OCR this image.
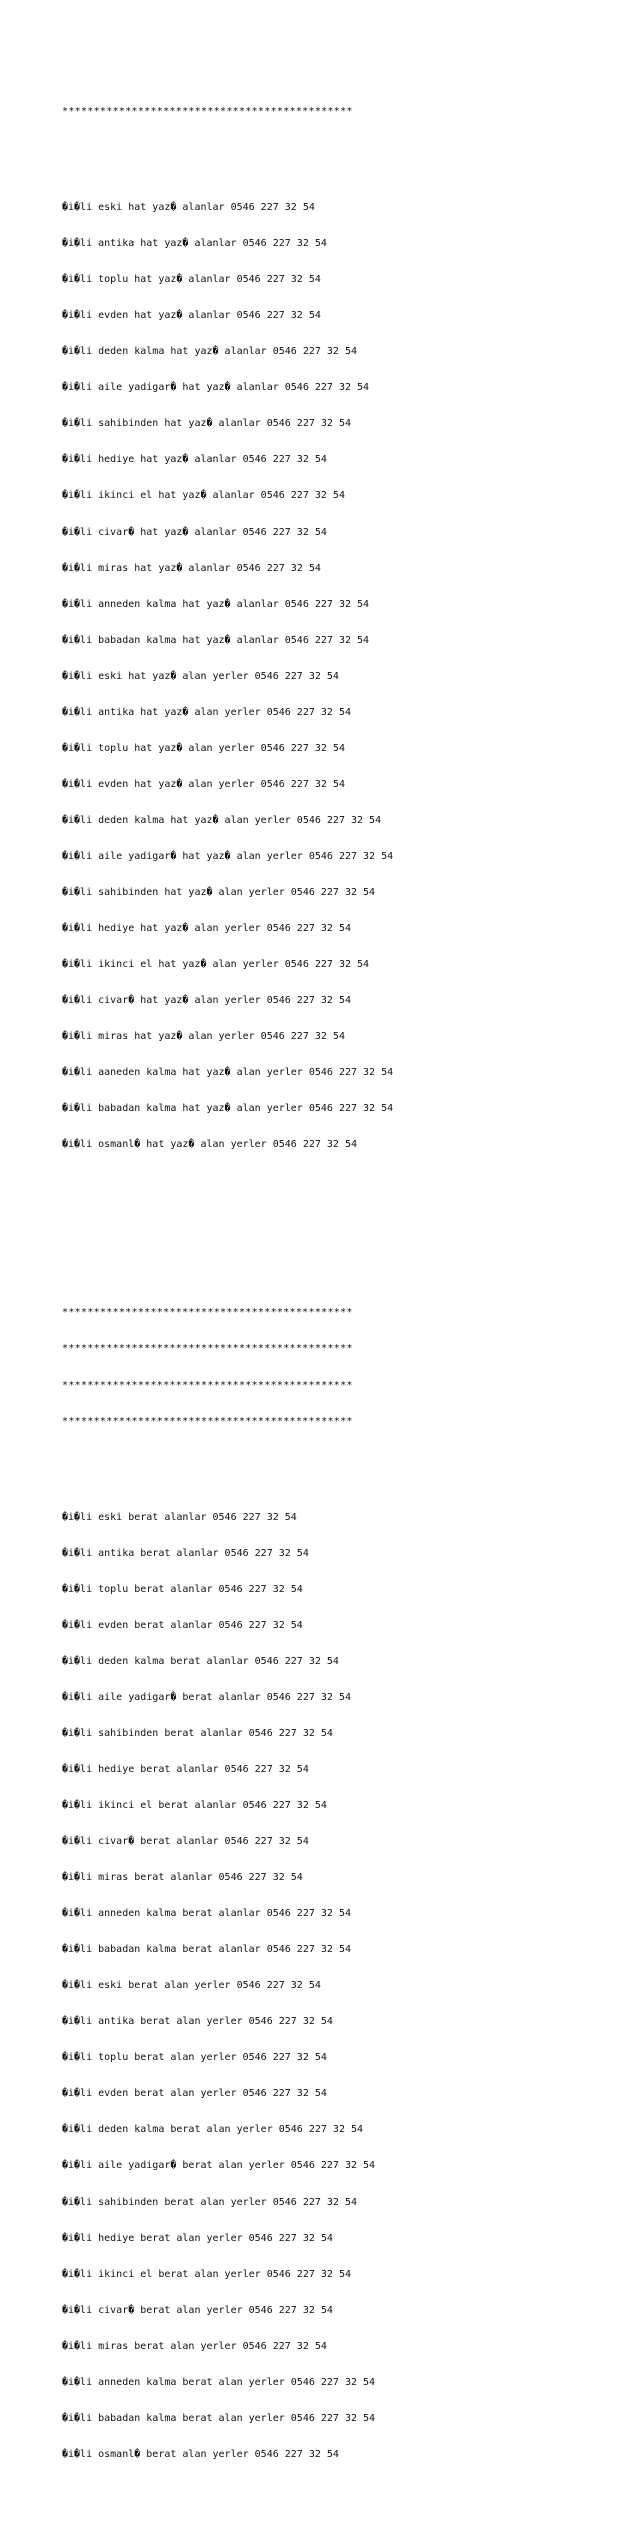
**********************************************

�i�li eski hat yaz� alanlar 0546 227 32 54

�i�li antika hat yaz� alanlar 0546 227 32 54

�i�li toplu hat yaz� alanlar 0546 227 32 54

�i�li evden hat yaz� alanlar 0546 227 32 54

�i�li deden kalma hat yaz� alanlar 0546 227 32 54

�i�li aile yadigar� hat yaz� alanlar 0546 227 32 54

�i�li sahibinden hat yaz� alanlar 0546 227 32 54

�i�li hediye hat yaz� alanlar 0546 227 32 54

�i�li ikinci el hat yaz� alanlar 0546 227 32 54

�i�li civar� hat yaz� alanlar 0546 227 32 54

�i�li miras hat yaz� alanlar 0546 227 32 54

�i�li anneden kalma hat yaz� alanlar 0546 227 32 54

�i�li babadan kalma hat yaz� alanlar 0546 227 32 54

�i�li eski hat yaz� alan yerler 0546 227 32 54

�i�li antika hat yaz� alan yerler 0546 227 32 54

�i�li toplu hat yaz� alan yerler 0546 227 32 54

�i�li evden hat yaz� alan yerler 0546 227 32 54

�i�li deden kalma hat yaz� alan yerler 0546 227 32 54

�i�li aile yadigar� hat yaz� alan yerler 0546 227 32 54

�i�li sahibinden hat yaz� alan yerler 0546 227 32 54

�i�li hediye hat yaz� alan yerler 0546 227 32 54

�i�li ikinci el hat yaz� alan yerler 0546 227 32 54

�i�li civar� hat yaz� alan yerler 0546 227 32 54

�i�li miras hat yaz� alan yerler 0546 227 32 54

�i�li aaneden kalma hat yaz� alan yerler 0546 227 32 54

�i�li babadan kalma hat yaz� alan yerler 0546 227 32 54

�i�li osmanl� hat yaz� alan yerler 0546 227 32 54

**********************************************

**********************************************

**********************************************

**********************************************

�i�li eski berat alanlar 0546 227 32 54

�i�li antika berat alanlar 0546 227 32 54

�i�li toplu berat alanlar 0546 227 32 54

�i�li evden berat alanlar 0546 227 32 54

�i�li deden kalma berat alanlar 0546 227 32 54

�i�li aile yadigar� berat alanlar 0546 227 32 54

�i�li sahibinden berat alanlar 0546 227 32 54

�i�li hediye berat alanlar 0546 227 32 54

�i�li ikinci el berat alanlar 0546 227 32 54

�i�li civar� berat alanlar 0546 227 32 54

�i�li miras berat alanlar 0546 227 32 54

�i�li anneden kalma berat alanlar 0546 227 32 54

�i�li babadan kalma berat alanlar 0546 227 32 54

�i�li eski berat alan yerler 0546 227 32 54

�i�li antika berat alan yerler 0546 227 32 54

�i�li toplu berat alan yerler 0546 227 32 54

�i�li evden berat alan yerler 0546 227 32 54

�i�li deden kalma berat alan yerler 0546 227 32 54

�i�li aile yadigar� berat alan yerler 0546 227 32 54

�i�li sahibinden berat alan yerler 0546 227 32 54

�i�li hediye berat alan yerler 0546 227 32 54

�i�li ikinci el berat alan yerler 0546 227 32 54

�i�li civar� berat alan yerler 0546 227 32 54

�i�li miras berat alan yerler 0546 227 32 54

�i�li anneden kalma berat alan yerler 0546 227 32 54

�i�li babadan kalma berat alan yerler 0546 227 32 54

�i�li osmanl� berat alan yerler 0546 227 32 54
